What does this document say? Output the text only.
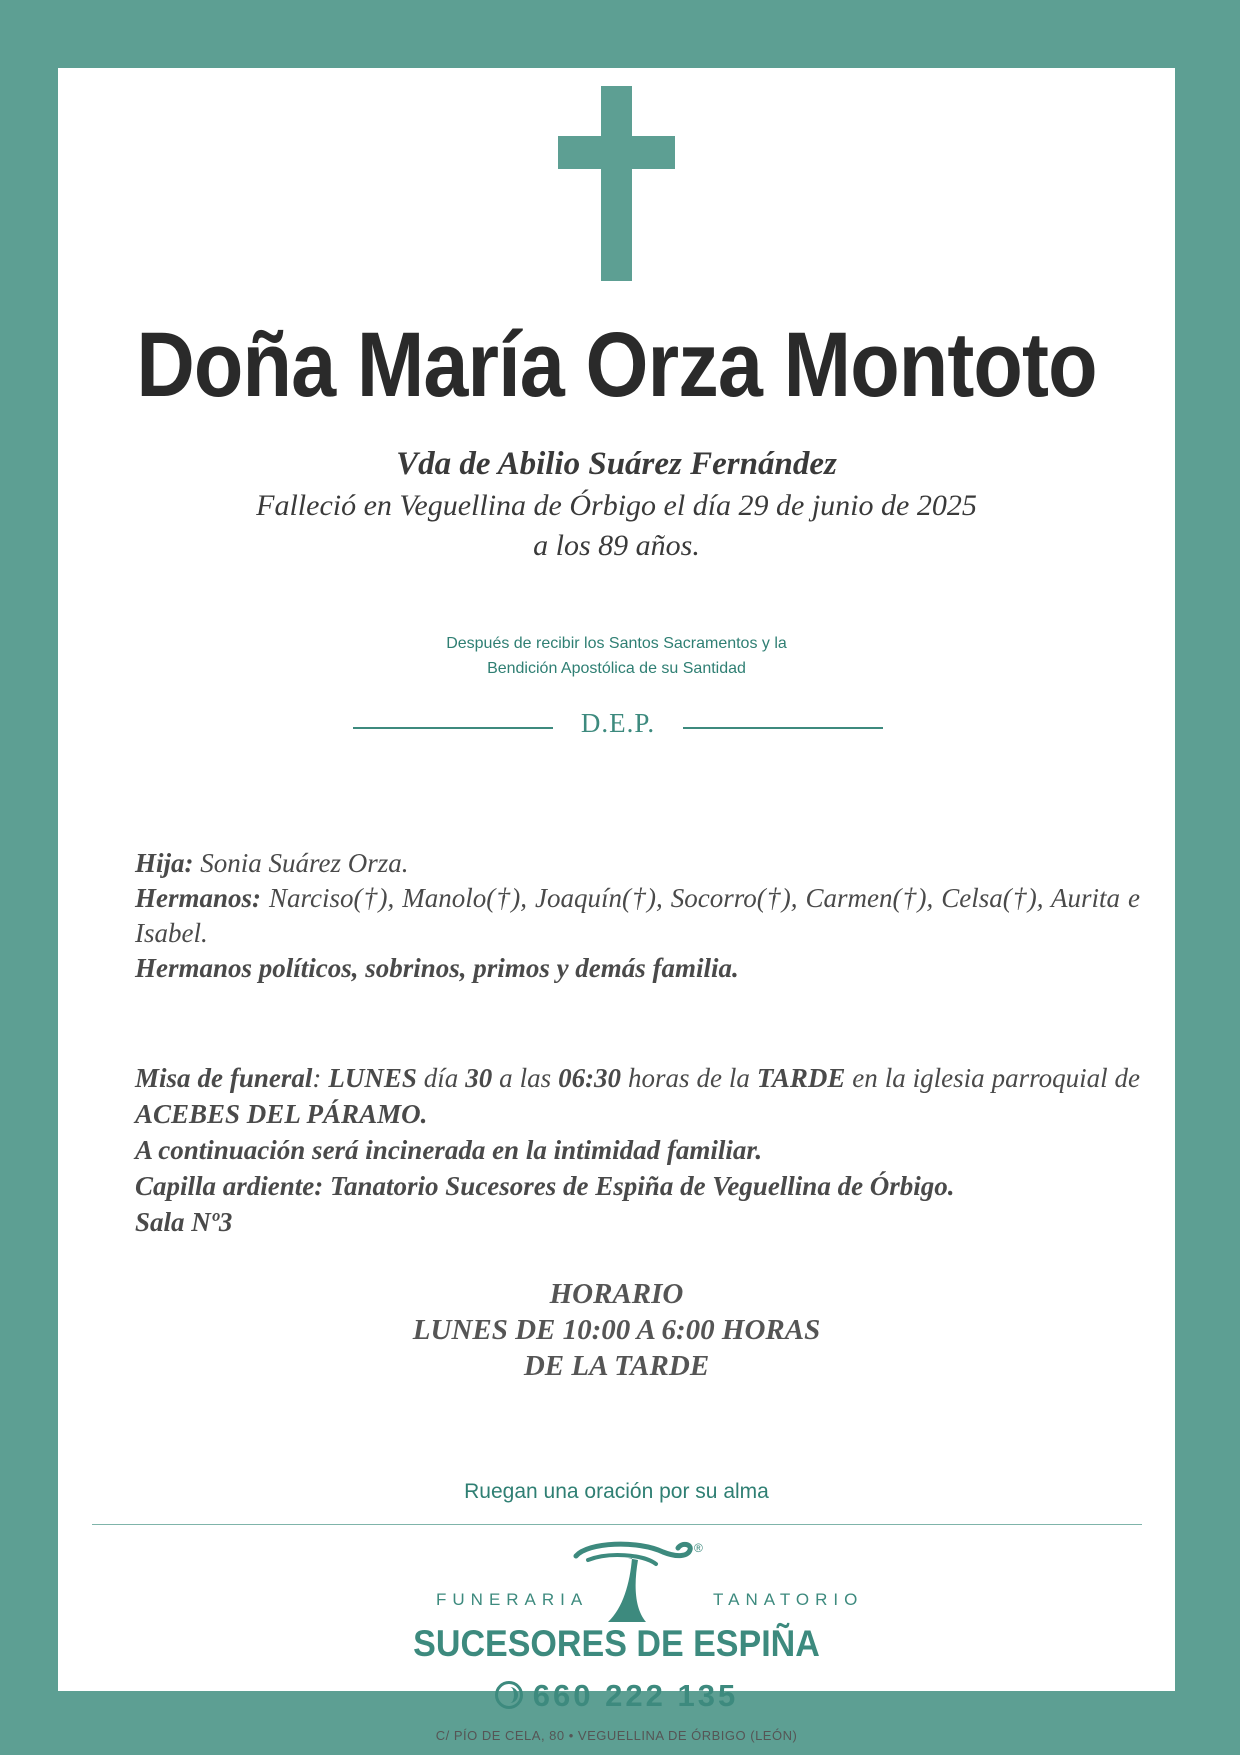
Doña María Orza Montoto
Vda de Abilio Suárez Fernández
Falleció en Veguellina de Órbigo el día 29 de junio de 2025
a los 89 años.
Después de recibir los Santos Sacramentos y la
Bendición Apostólica de su Santidad
D.E.P.
Hija: Sonia Suárez Orza.
Hermanos: Narciso(†), Manolo(†), Joaquín(†), Socorro(†), Carmen(†), Celsa(†), Aurita e Isabel.
Hermanos políticos, sobrinos, primos y demás familia.
Misa de funeral: LUNES día 30 a las 06:30 horas de la TARDE en la iglesia parroquial de ACEBES DEL PÁRAMO.
A continuación será incinerada en la intimidad familiar.
Capilla ardiente: Tanatorio Sucesores de Espiña de Veguellina de Órbigo.
Sala Nº3
HORARIO
LUNES DE 10:00 A 6:00 HORAS
DE LA TARDE
Ruegan una oración por su alma
®
FUNERARIA	TANATORIO
SUCESORES DE ESPIÑA
660 222 135
C/ PÍO DE CELA, 80 • VEGUELLINA DE ÓRBIGO (LEÓN)
